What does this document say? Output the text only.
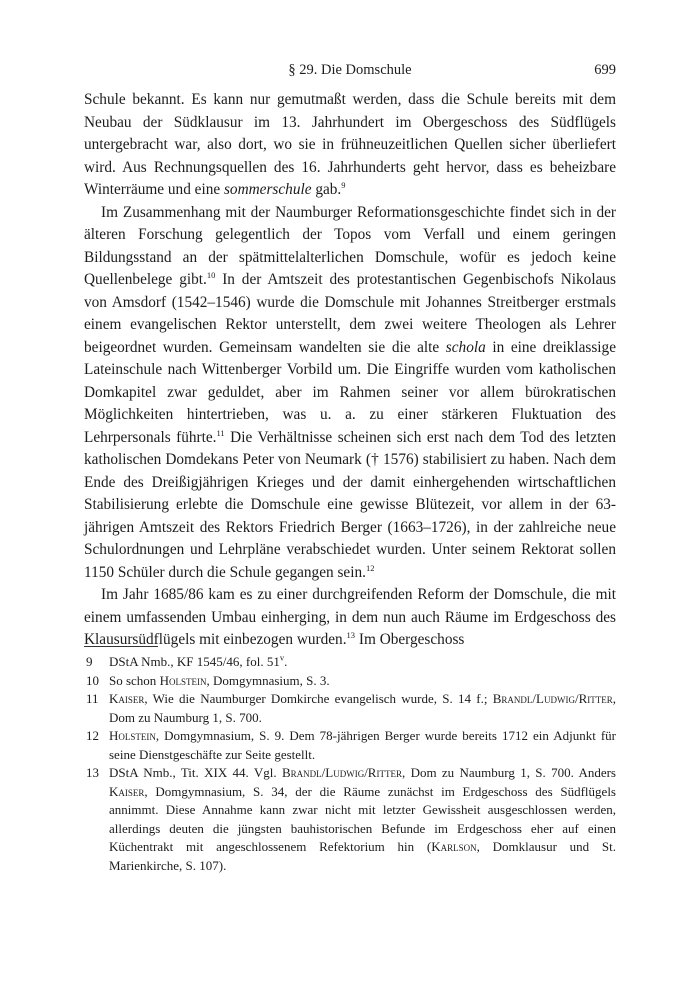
§ 29. Die Domschule	699

Schule bekannt. Es kann nur gemutmaßt werden, dass die Schule bereits mit dem Neubau der Südklausur im 13. Jahrhundert im Obergeschoss des Südflügels untergebracht war, also dort, wo sie in frühneuzeitlichen Quellen sicher überliefert wird. Aus Rechnungsquellen des 16. Jahrhunderts geht hervor, dass es beheizbare Winterräume und eine sommerschule gab.$^9$

Im Zusammenhang mit der Naumburger Reformationsgeschichte findet sich in der älteren Forschung gelegentlich der Topos vom Verfall und einem geringen Bildungsstand an der spätmittelalterlichen Domschule, wofür es jedoch keine Quellenbelege gibt.$^{10}$ In der Amtszeit des protestantischen Gegenbischofs Nikolaus von Amsdorf (1542–1546) wurde die Domschule mit Johannes Streitberger erstmals einem evangelischen Rektor unterstellt, dem zwei weitere Theologen als Lehrer beigeordnet wurden. Gemeinsam wandelten sie die alte schola in eine dreiklassige Lateinschule nach Wittenberger Vorbild um. Die Eingriffe wurden vom katholischen Domkapitel zwar geduldet, aber im Rahmen seiner vor allem bürokratischen Möglichkeiten hintertrieben, was u. a. zu einer stärkeren Fluktuation des Lehrpersonals führte.$^{11}$ Die Verhältnisse scheinen sich erst nach dem Tod des letzten katholischen Domdekans Peter von Neumark († 1576) stabilisiert zu haben. Nach dem Ende des Dreißigjährigen Krieges und der damit einhergehenden wirtschaftlichen Stabilisierung erlebte die Domschule eine gewisse Blütezeit, vor allem in der 63-jährigen Amtszeit des Rektors Friedrich Berger (1663–1726), in der zahlreiche neue Schulordnungen und Lehrpläne verabschiedet wurden. Unter seinem Rektorat sollen 1150 Schüler durch die Schule gegangen sein.$^{12}$

Im Jahr 1685/86 kam es zu einer durchgreifenden Reform der Domschule, die mit einem umfassenden Umbau einherging, in dem nun auch Räume im Erdgeschoss des Klausursüdflügels mit einbezogen wurden.$^{13}$ Im Obergeschoss

9	DStA Nmb., KF 1545/46, fol. 51$^v$.
10 So schon Holstein, Domgymnasium, S. 3.
11 Kaiser, Wie die Naumburger Domkirche evangelisch wurde, S. 14 f.; Brandl/Ludwig/Ritter, Dom zu Naumburg 1, S. 700.
12 Holstein, Domgymnasium, S. 9. Dem 78-jährigen Berger wurde bereits 1712 ein Adjunkt für seine Dienstgeschäfte zur Seite gestellt.
13 DStA Nmb., Tit. XIX 44. Vgl. Brandl/Ludwig/Ritter, Dom zu Naumburg 1, S. 700. Anders Kaiser, Domgymnasium, S. 34, der die Räume zunächst im Erdgeschoss des Südflügels annimmt. Diese Annahme kann zwar nicht mit letzter Gewissheit ausgeschlossen werden, allerdings deuten die jüngsten bauhistorischen Befunde im Erdgeschoss eher auf einen Küchentrakt mit angeschlossenem Refektorium hin (Karlson, Domklausur und St. Marienkirche, S. 107).
